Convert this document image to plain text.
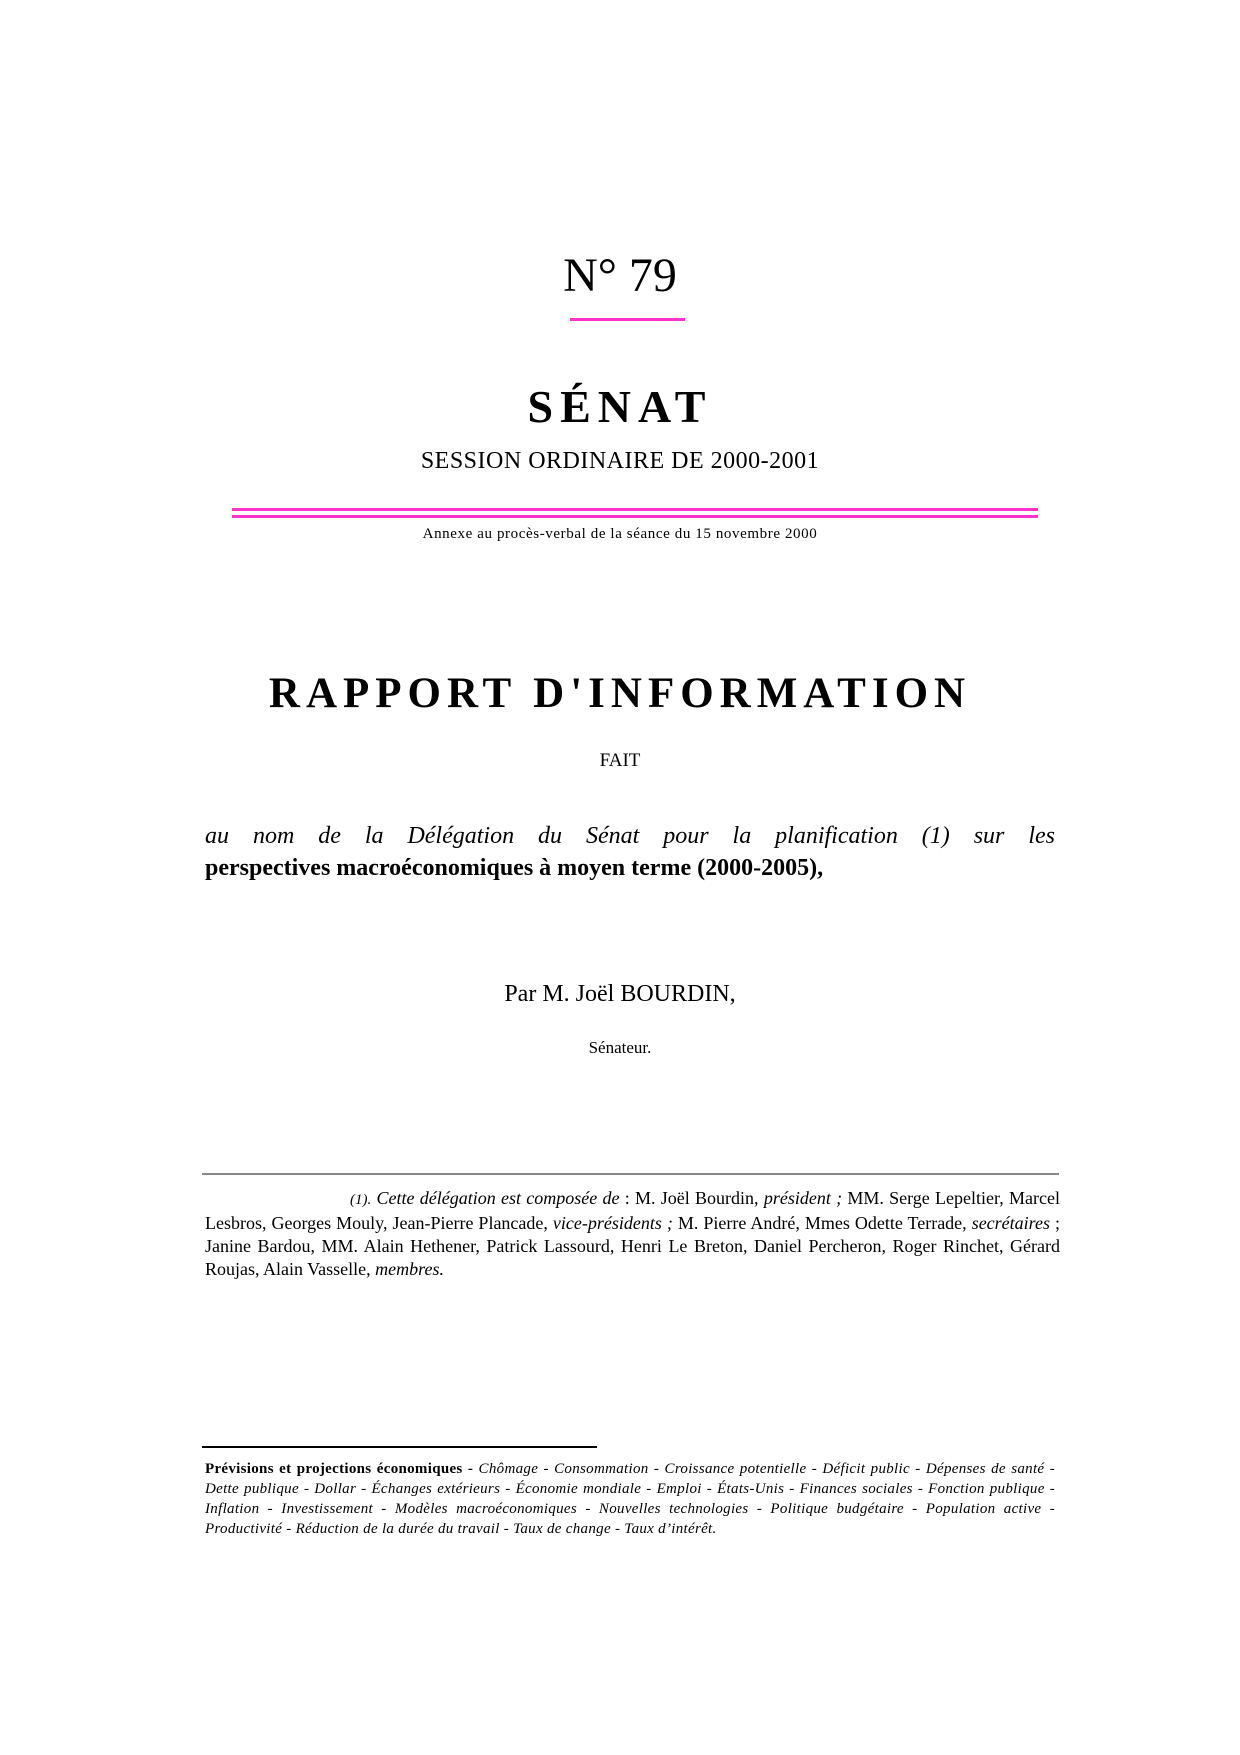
N° 79
SÉNAT
SESSION ORDINAIRE DE 2000-2001
Annexe au procès-verbal de la séance du 15 novembre 2000
RAPPORT D'INFORMATION
FAIT
au nom de la Délégation du Sénat pour la planification (1) sur les
perspectives macroéconomiques à moyen terme (2000-2005),
Par M. Joël BOURDIN,
Sénateur.
(1). Cette délégation est composée de : M. Joël Bourdin, président ; MM. Serge Lepeltier, Marcel Lesbros, Georges Mouly, Jean-Pierre Plancade, vice-présidents ; M. Pierre André, Mmes Odette Terrade, secrétaires ; Janine Bardou, MM. Alain Hethener, Patrick Lassourd, Henri Le Breton, Daniel Percheron, Roger Rinchet, Gérard Roujas, Alain Vasselle, membres.
Prévisions et projections économiques - Chômage - Consommation - Croissance potentielle - Déficit public - Dépenses de santé - Dette publique - Dollar - Échanges extérieurs - Économie mondiale - Emploi - États-Unis - Finances sociales - Fonction publique - Inflation - Investissement - Modèles macroéconomiques - Nouvelles technologies - Politique budgétaire - Population active - Productivité - Réduction de la durée du travail - Taux de change - Taux d’intérêt.
